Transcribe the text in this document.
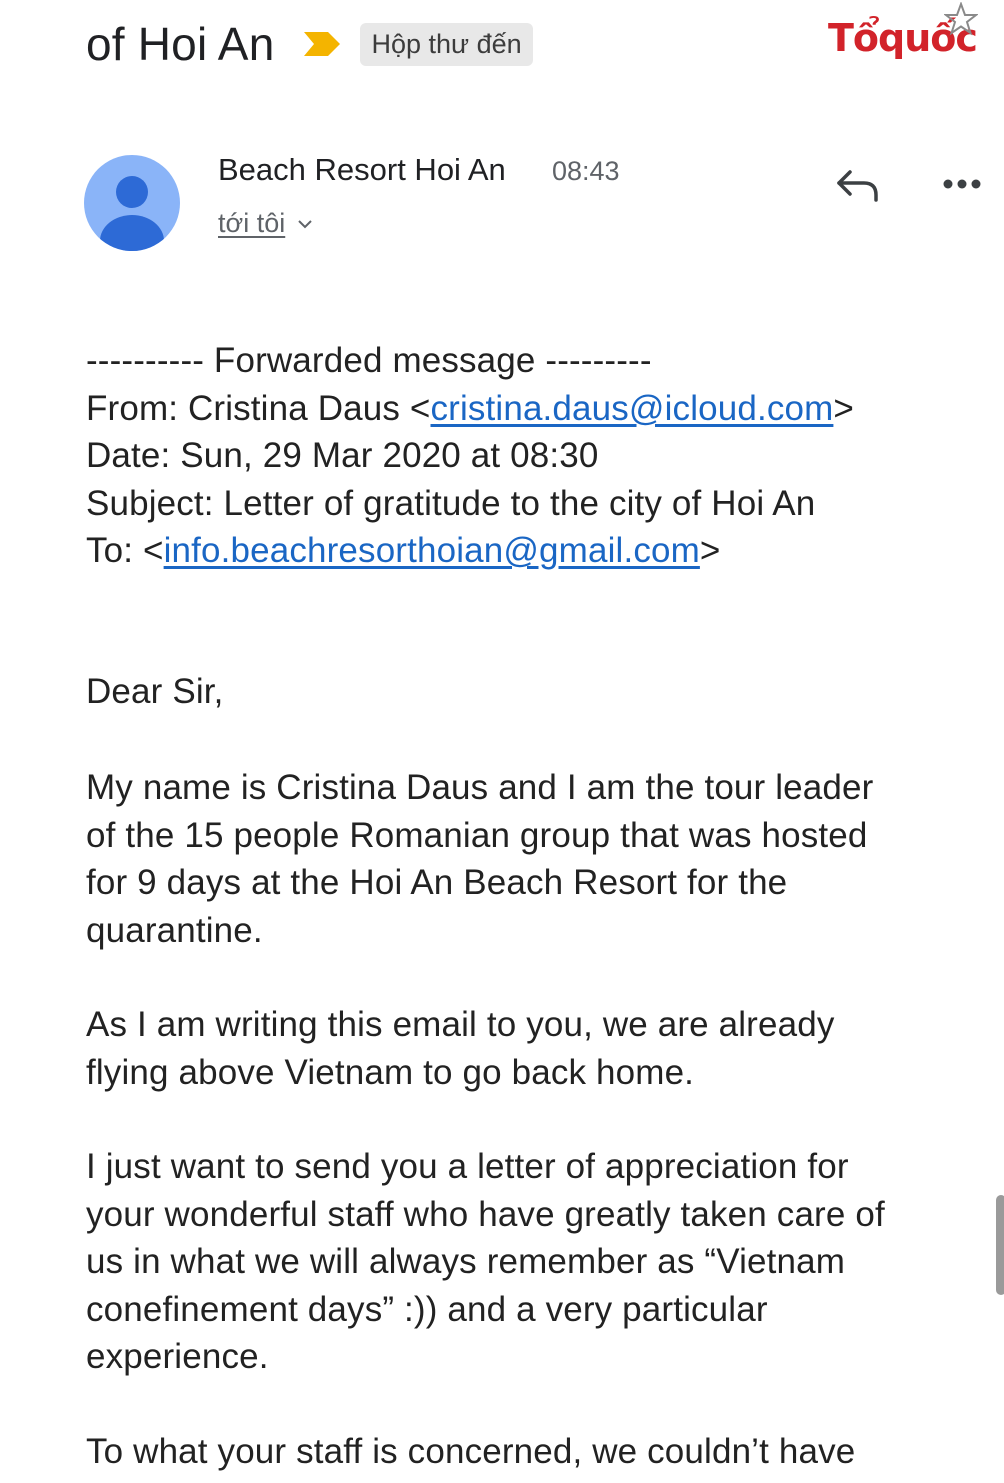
of Hoi An	Hộp thư đến	Tổquốc
Beach Resort Hoi An 08:43
tới tôi
---------- Forwarded message ---------
From: Cristina Daus <cristina.daus@icloud.com>
Date: Sun, 29 Mar 2020 at 08:30
Subject: Letter of gratitude to the city of Hoi An
To: <info.beachresorthoian@gmail.com>
Dear Sir,
My name is Cristina Daus and I am the tour leader
of the 15 people Romanian group that was hosted
for 9 days at the Hoi An Beach Resort for the
quarantine.
As I am writing this email to you, we are already
flying above Vietnam to go back home.
I just want to send you a letter of appreciation for
your wonderful staff who have greatly taken care of
us in what we will always remember as “Vietnam
conefinement days” :)) and a very particular
experience.
To what your staff is concerned, we couldn’t have
